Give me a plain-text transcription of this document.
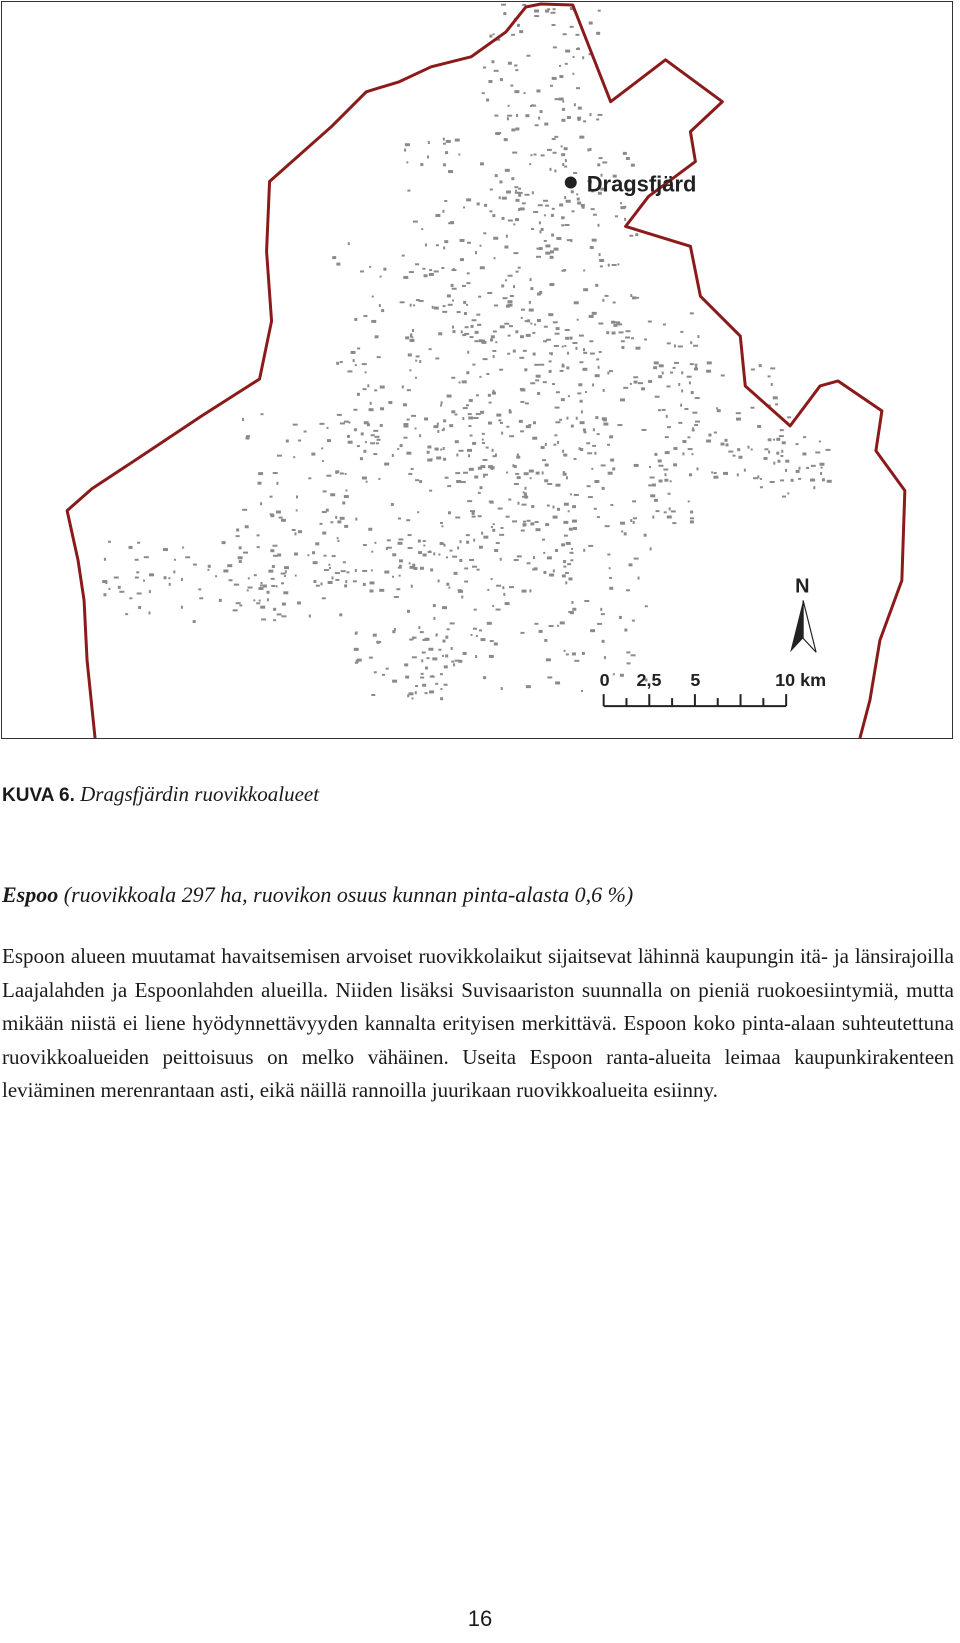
Dragsfjärd
N
0 2,5 5	10 km
KUVA 6. Dragsfjärdin ruovikkoalueet
Espoo (ruovikkoala 297 ha, ruovikon osuus kunnan pinta-alasta 0,6 %)

Espoon alueen muutamat havaitsemisen arvoiset ruovikkolaikut sijaitsevat lähinnä kaupungin itä- ja länsirajoilla Laajalahden ja Espoonlahden alueilla. Niiden lisäksi Suvisaariston suunnalla on pieniä ruokoesiintymiä, mutta mikään niistä ei liene hyödynnettävyyden kannalta erityisen merkittävä. Espoon koko pinta-alaan suhteutettuna ruovikkoalueiden peittoisuus on melko vähäinen. Useita Espoon ranta-alueita leimaa kaupunkirakenteen leviäminen merenrantaan asti, eikä näillä rannoilla juurikaan ruovikkoalueita esiinny.

16
